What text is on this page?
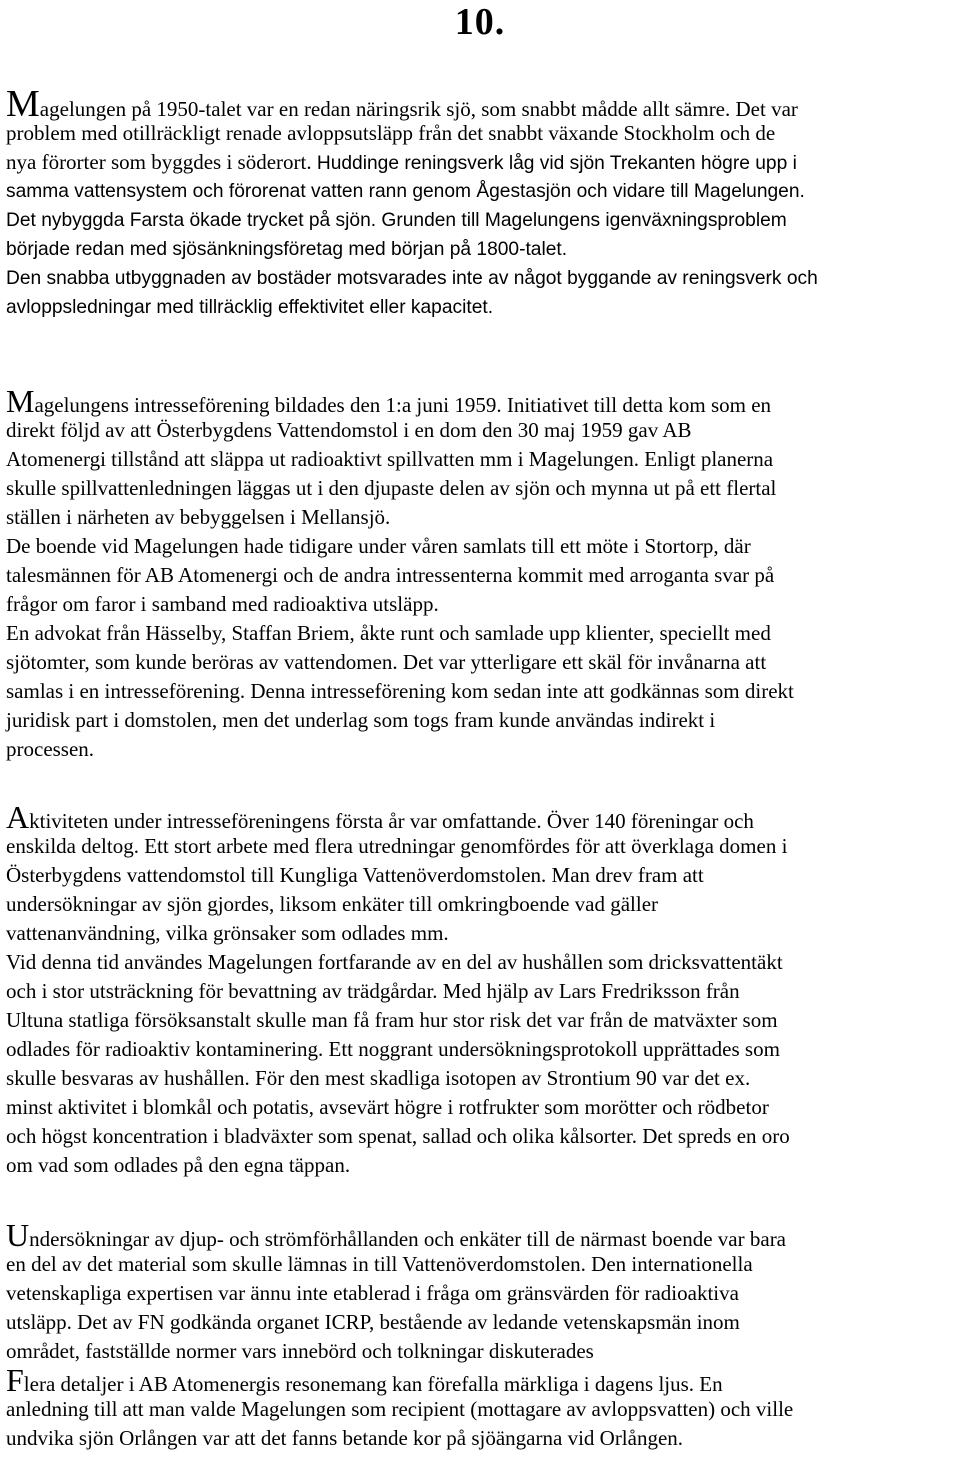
10.
Magelungen på 1950-talet var en redan näringsrik sjö, som snabbt mådde allt sämre. Det var
problem med otillräckligt renade avloppsutsläpp från det snabbt växande Stockholm och de
nya förorter som byggdes i söderort. Huddinge reningsverk låg vid sjön Trekanten högre upp i
samma vattensystem och förorenat vatten rann genom Ågestasjön och vidare till Magelungen.
Det nybyggda Farsta ökade trycket på sjön. Grunden till Magelungens igenväxningsproblem
började redan med sjösänkningsföretag med början på 1800-talet.
Den snabba utbyggnaden av bostäder motsvarades inte av något byggande av reningsverk och
avloppsledningar med tillräcklig effektivitet eller kapacitet.
Magelungens intresseförening bildades den 1:a juni 1959. Initiativet till detta kom som en
direkt följd av att Österbygdens Vattendomstol i en dom den 30 maj 1959 gav AB
Atomenergi tillstånd att släppa ut radioaktivt spillvatten mm i Magelungen. Enligt planerna
skulle spillvattenledningen läggas ut i den djupaste delen av sjön och mynna ut på ett flertal
ställen i närheten av bebyggelsen i Mellansjö.
De boende vid Magelungen hade tidigare under våren samlats till ett möte i Stortorp, där
talesmännen för AB Atomenergi och de andra intressenterna kommit med arroganta svar på
frågor om faror i samband med radioaktiva utsläpp.
En advokat från Hässelby, Staffan Briem, åkte runt och samlade upp klienter, speciellt med
sjötomter, som kunde beröras av vattendomen. Det var ytterligare ett skäl för invånarna att
samlas i en intresseförening. Denna intresseförening kom sedan inte att godkännas som direkt
juridisk part i domstolen, men det underlag som togs fram kunde användas indirekt i
processen.
Aktiviteten under intresseföreningens första år var omfattande. Över 140 föreningar och
enskilda deltog. Ett stort arbete med flera utredningar genomfördes för att överklaga domen i
Österbygdens vattendomstol till Kungliga Vattenöverdomstolen. Man drev fram att
undersökningar av sjön gjordes, liksom enkäter till omkringboende vad gäller
vattenanvändning, vilka grönsaker som odlades mm.
Vid denna tid användes Magelungen fortfarande av en del av hushållen som dricksvattentäkt
och i stor utsträckning för bevattning av trädgårdar. Med hjälp av Lars Fredriksson från
Ultuna statliga försöksanstalt skulle man få fram hur stor risk det var från de matväxter som
odlades för radioaktiv kontaminering. Ett noggrant undersökningsprotokoll upprättades som
skulle besvaras av hushållen. För den mest skadliga isotopen av Strontium 90 var det ex.
minst aktivitet i blomkål och potatis, avsevärt högre i rotfrukter som morötter och rödbetor
och högst koncentration i bladväxter som spenat, sallad och olika kålsorter. Det spreds en oro
om vad som odlades på den egna täppan.
Undersökningar av djup- och strömförhållanden och enkäter till de närmast boende var bara
en del av det material som skulle lämnas in till Vattenöverdomstolen. Den internationella
vetenskapliga expertisen var ännu inte etablerad i fråga om gränsvärden för radioaktiva
utsläpp. Det av FN godkända organet ICRP, bestående av ledande vetenskapsmän inom
området, fastställde normer vars innebörd och tolkningar diskuterades
Flera detaljer i AB Atomenergis resonemang kan förefalla märkliga i dagens ljus. En
anledning till att man valde Magelungen som recipient (mottagare av avloppsvatten) och ville
undvika sjön Orlången var att det fanns betande kor på sjöängarna vid Orlången.
